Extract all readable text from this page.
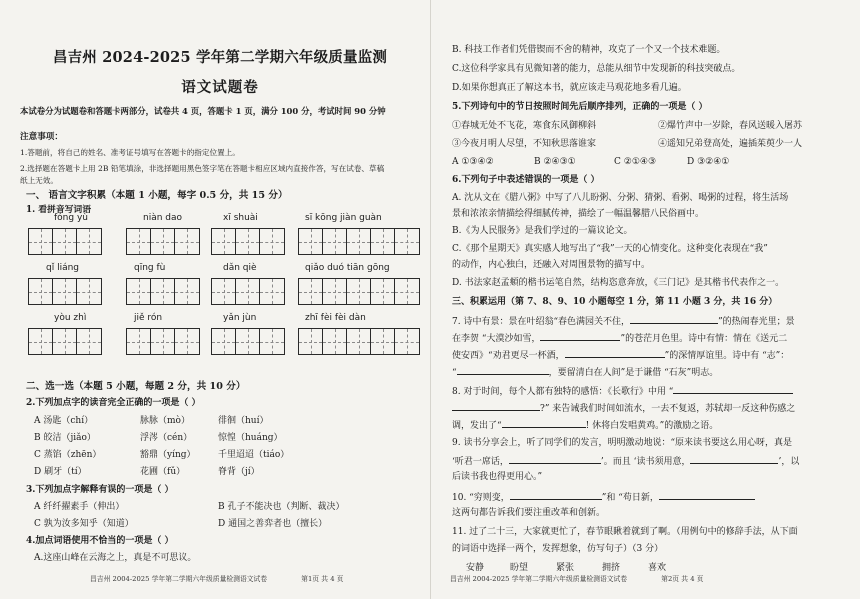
昌吉州 2024-2025 学年第二学期六年级质量监测
语文试题卷
本试卷分为试题卷和答题卡两部分，试卷共 4 页，答题卡 1 页，满分 100 分，考试时间 90 分钟
注意事项：
1.答题前，将自己的姓名、准考证号填写在答题卡的指定位置上。
2.选择题在答题卡上用 2B 铅笔填涂，非选择题用黑色签字笔在答题卡相应区域内直接作答，写在试卷、草稿
纸上无效。
一、 语言文字积累（本题 1 小题，每字 0.5 分，共 15 分）
1. 看拼音写词语
fóng yù	niàn dao	xī shuài	sī kōng jiàn guàn
qǐ liáng	qīng fù	dǎn qiè	qiǎo duó tiān gōng
yòu zhì	jiě rón	yǎn jùn	zhī fèi fèi dàn
二、选一选（本题 5 小题，每题 2 分，共 10 分）
2.下列加点字的读音完全正确的一项是（ ）
A 汤匙（chí）	脉脉（mò）	徘徊（huí）
B 皎洁（jiǎo）	浮涔（cén）	惊惶（huáng）
C 蒸馅（zhēn）	豁鼎（yíng） 千里迢迢（tiáo）
D 刷牙（tí）	花圃（fǔ）	脊背（jí）
3.下列加点字解释有误的一项是（ ）
A 纤纤擢素手（伸出）	B 孔子不能决也（判断、裁决）
C 孰为汝多知乎（知道）	D 通国之善弈者也（擅长）
4.加点词语使用不恰当的一项是（ ）
A.这座山峰在云海之上，真是不可思议。
昌吉州 2004-2025 学年第二学期六年级质量检测语文试卷	第1页 共 4 页
B. 科技工作者们凭借锲而不舍的精神，攻克了一个又一个技术难题。
C.这位科学家具有见微知著的能力，总能从细节中发现新的科技突破点。
D.如果你想真正了解这本书，就应该走马观花地多看几遍。
5.下列诗句中的节日按照时间先后顺序排列，正确的一项是（ ）
①春城无处不飞花，寒食东风御柳斜	②爆竹声中一岁除，春风送暖入屠苏
③今夜月明人尽望，不知秋思落谁家	④遥知兄弟登高处，遍插茱萸少一人
A ①③④②	B ②④③①	C ②①④③	D ③②④①
6.下列句子中表述错误的一项是（ ）
A. 沈从文在《腊八粥》中写了八儿盼粥、分粥、猜粥、看粥、喝粥的过程，将生活场
景和浓浓亲情描绘得细腻传神，描绘了一幅温馨腊八民俗画中。
B.《为人民服务》是我们学过的一篇议论文。
C.《那个星期天》真实感人地写出了“我”一天的心情变化。这种变化表现在“我”
的动作，内心独白，还融入对周围景物的描写中。
D. 书法家赵孟頫的楷书运笔自然，结构恣意奔放，《三门记》是其楷书代表作之一。
三、积累运用（第 7、8、9、10 小题每空 1 分，第 11 小题 3 分，共 16 分）
7. 诗中有景：景在叶绍翁“春色满园关不住，	”的热闹春光里；景
在李贺 “大漠沙如雪，	”的苍茫月色里。诗中有情：情在《送元二
使安西》“劝君更尽一杯酒，	”的深情厚谊里。诗中有 “志”：
“	，要留清白在人间”是于谦借 “石灰”明志。
8. 对于时间，每个人都有独特的感悟：《长歌行》中用 “
?” 来告诫我们时间如流水，一去不复返，苏轼却一反这种伤感之
调，发出了“	! 休将白发唱黄鸡。”的激励之语。
9. 读书分享会上，听了同学们的发言，明明激动地说：“原来读书要这么用心呀，真是
‘听君一席话，	’。而且 ‘读书须用意，	’，以
后读书我也得更用心。”
10. “穷则变，	”和 “苟日新，
这两句都告诉我们要注重改革和创新。
11. 过了二十三，大家就更忙了，春节眼瞅着就到了啊。（用例句中的修辞手法，从下面
的词语中选择一两个，发挥想象，仿写句子）（3 分）
安静	盼望	紧张	拥挤	喜欢
昌吉州 2004-2025 学年第二学期六年级质量检测语文试卷	第2页 共 4 页
